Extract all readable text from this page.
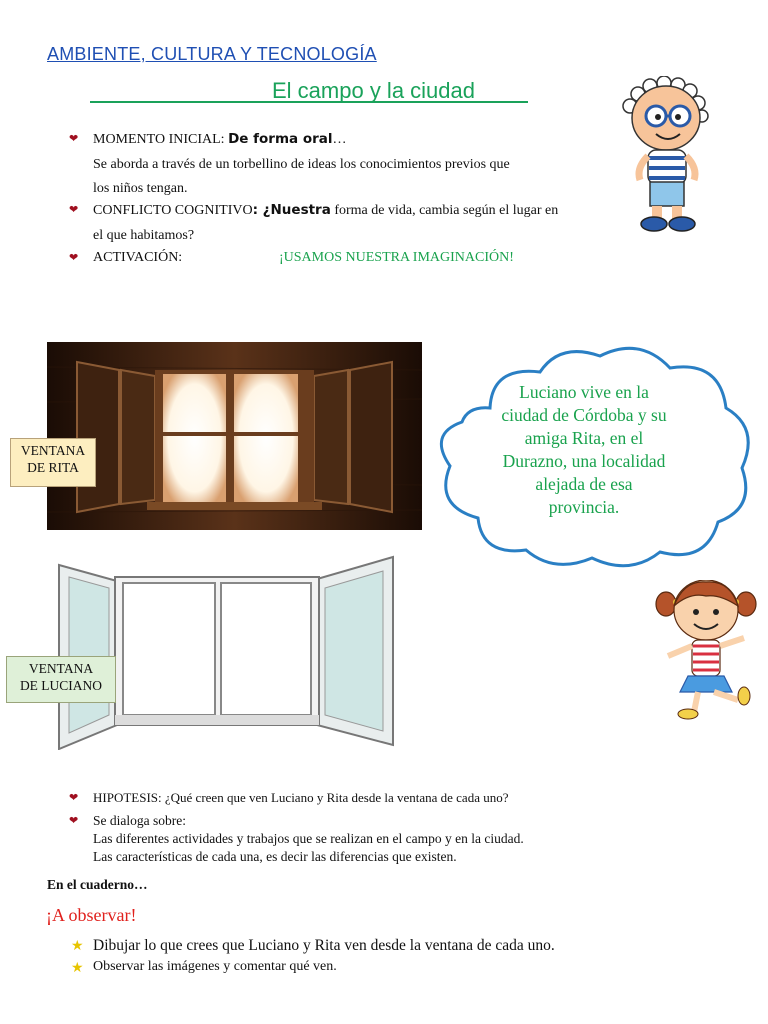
AMBIENTE, CULTURA Y TECNOLOGÍA
El campo y la ciudad
❤ MOMENTO INICIAL: De forma oral…
Se aborda a través de un torbellino de ideas los conocimientos previos que
los niños tengan.
❤ CONFLICTO COGNITIVO: ¿Nuestra forma de vida, cambia según el lugar en
el que habitamos?
❤ ACTIVACIÓN:	¡USAMOS NUESTRA IMAGINACIÓN!
VENTANA
DE RITA
Luciano vive en la
ciudad de Córdoba y su
amiga Rita, en el
Durazno, una localidad
alejada de esa
provincia.
VENTANA
DE LUCIANO
❤ HIPOTESIS: ¿Qué creen que ven Luciano y Rita desde la ventana de cada uno?
❤ Se dialoga sobre:
Las diferentes actividades y trabajos que se realizan en el campo y en la ciudad.
Las características de cada una, es decir las diferencias que existen.
En el cuaderno…
¡A observar!
★ Dibujar lo que crees que Luciano y Rita ven desde la ventana de cada uno.
★ Observar las imágenes y comentar qué ven.
